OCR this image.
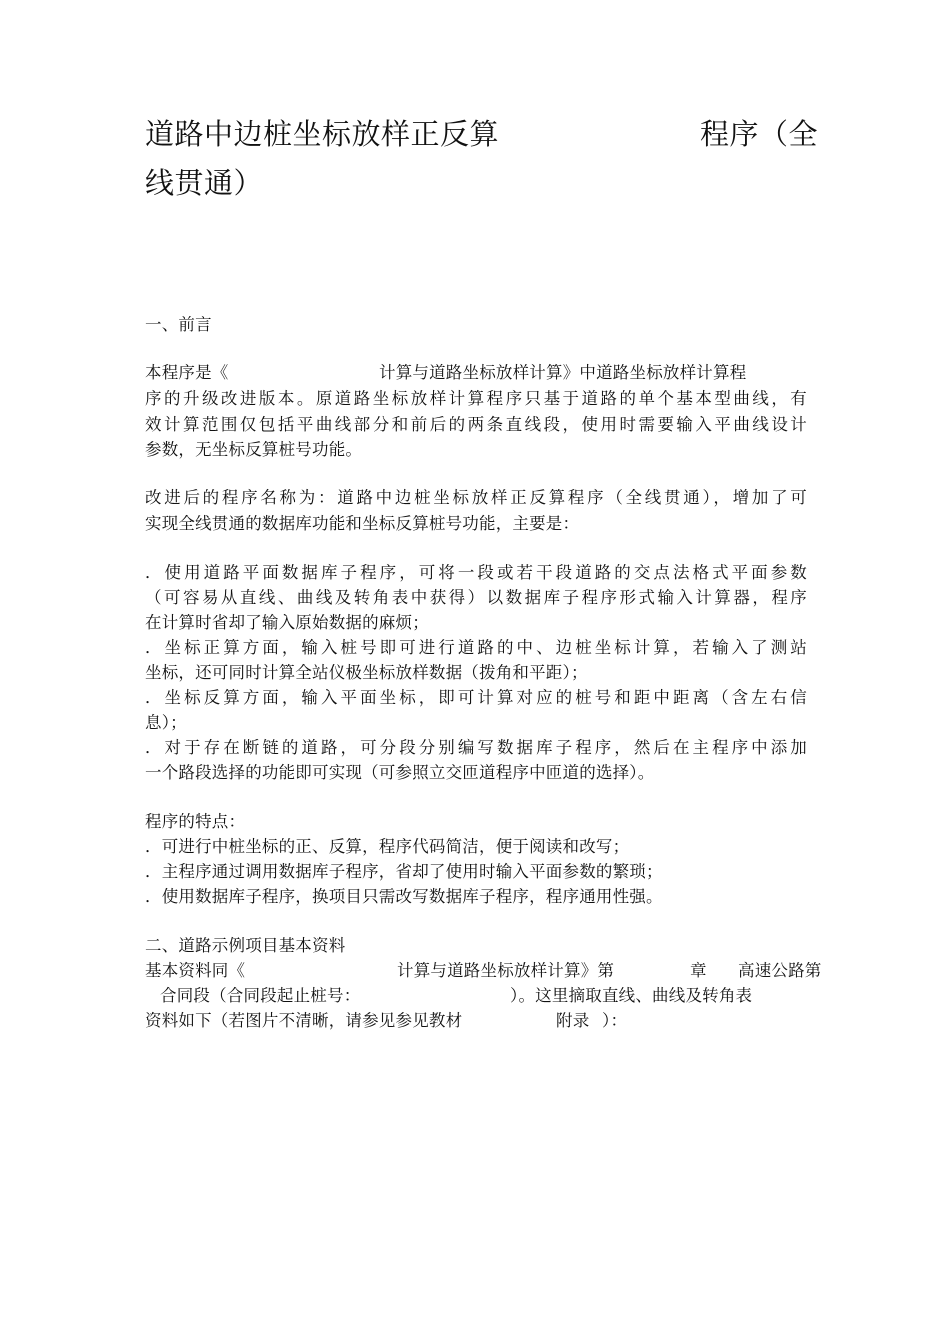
道路中边桩坐标放样正反算	程序（全
线贯通）
一、前言
本程序是《	计算与道路坐标放样计算》中道路坐标放样计算程
序的升级改进版本。原道路坐标放样计算程序只基于道路的单个基本型曲线，有
效计算范围仅包括平曲线部分和前后的两条直线段，使用时需要输入平曲线设计
参数，无坐标反算桩号功能。
改进后的程序名称为：道路中边桩坐标放样正反算程序（全线贯通），增加了可
实现全线贯通的数据库功能和坐标反算桩号功能，主要是：
．使用道路平面数据库子程序，可将一段或若干段道路的交点法格式平面参数
（可容易从直线、曲线及转角表中获得）以数据库子程序形式输入计算器，程序
在计算时省却了输入原始数据的麻烦；
．坐标正算方面，输入桩号即可进行道路的中、边桩坐标计算，若输入了测站
坐标，还可同时计算全站仪极坐标放样数据（拨角和平距）；
．坐标反算方面，输入平面坐标，即可计算对应的桩号和距中距离（含左右信
息）；
．对于存在断链的道路，可分段分别编写数据库子程序，然后在主程序中添加
一个路段选择的功能即可实现（可参照立交匝道程序中匝道的选择）。
程序的特点：
．可进行中桩坐标的正、反算，程序代码简洁，便于阅读和改写；
．主程序通过调用数据库子程序，省却了使用时输入平面参数的繁琐；
．使用数据库子程序，换项目只需改写数据库子程序，程序通用性强。
二、道路示例项目基本资料
基本资料同《	计算与道路坐标放样计算》第	章 高速公路第
合同段（合同段起止桩号：	）。这里摘取直线、曲线及转角表
资料如下（若图片不清晰，请参见参见教材	附录 ）：
